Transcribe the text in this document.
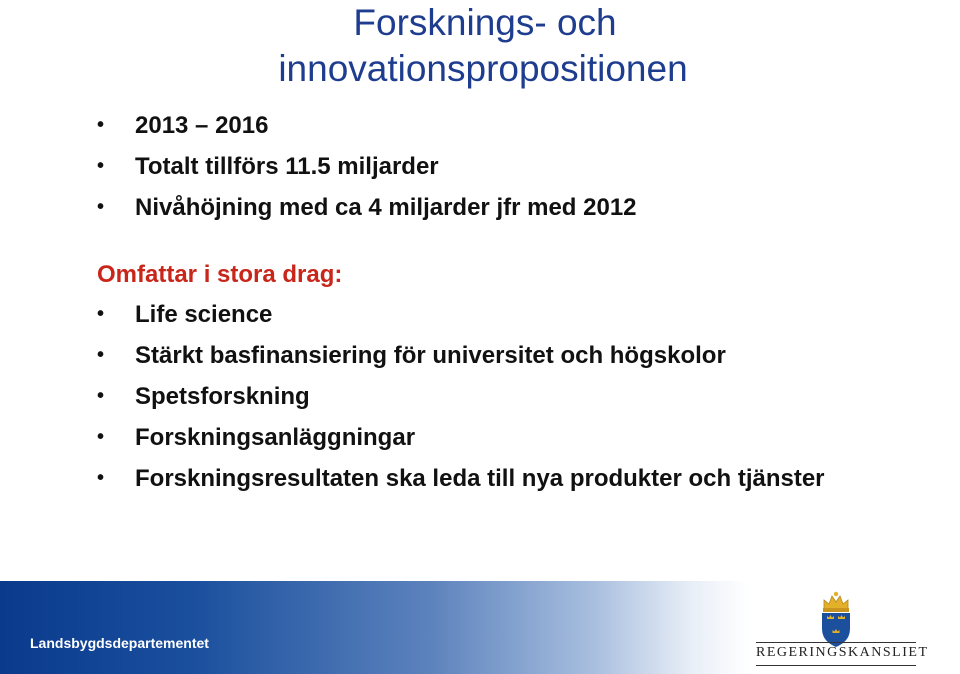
Forsknings- och
innovationspropositionen
• 2013 – 2016
• Totalt tillförs 11.5 miljarder
• Nivåhöjning med ca 4 miljarder jfr med 2012
Omfattar i stora drag:
• Life science
• Stärkt basfinansiering för universitet och högskolor
• Spetsforskning
• Forskningsanläggningar
• Forskningsresultaten ska leda till nya produkter och tjänster
Landsbygdsdepartementet
REGERINGSKANSLIET
